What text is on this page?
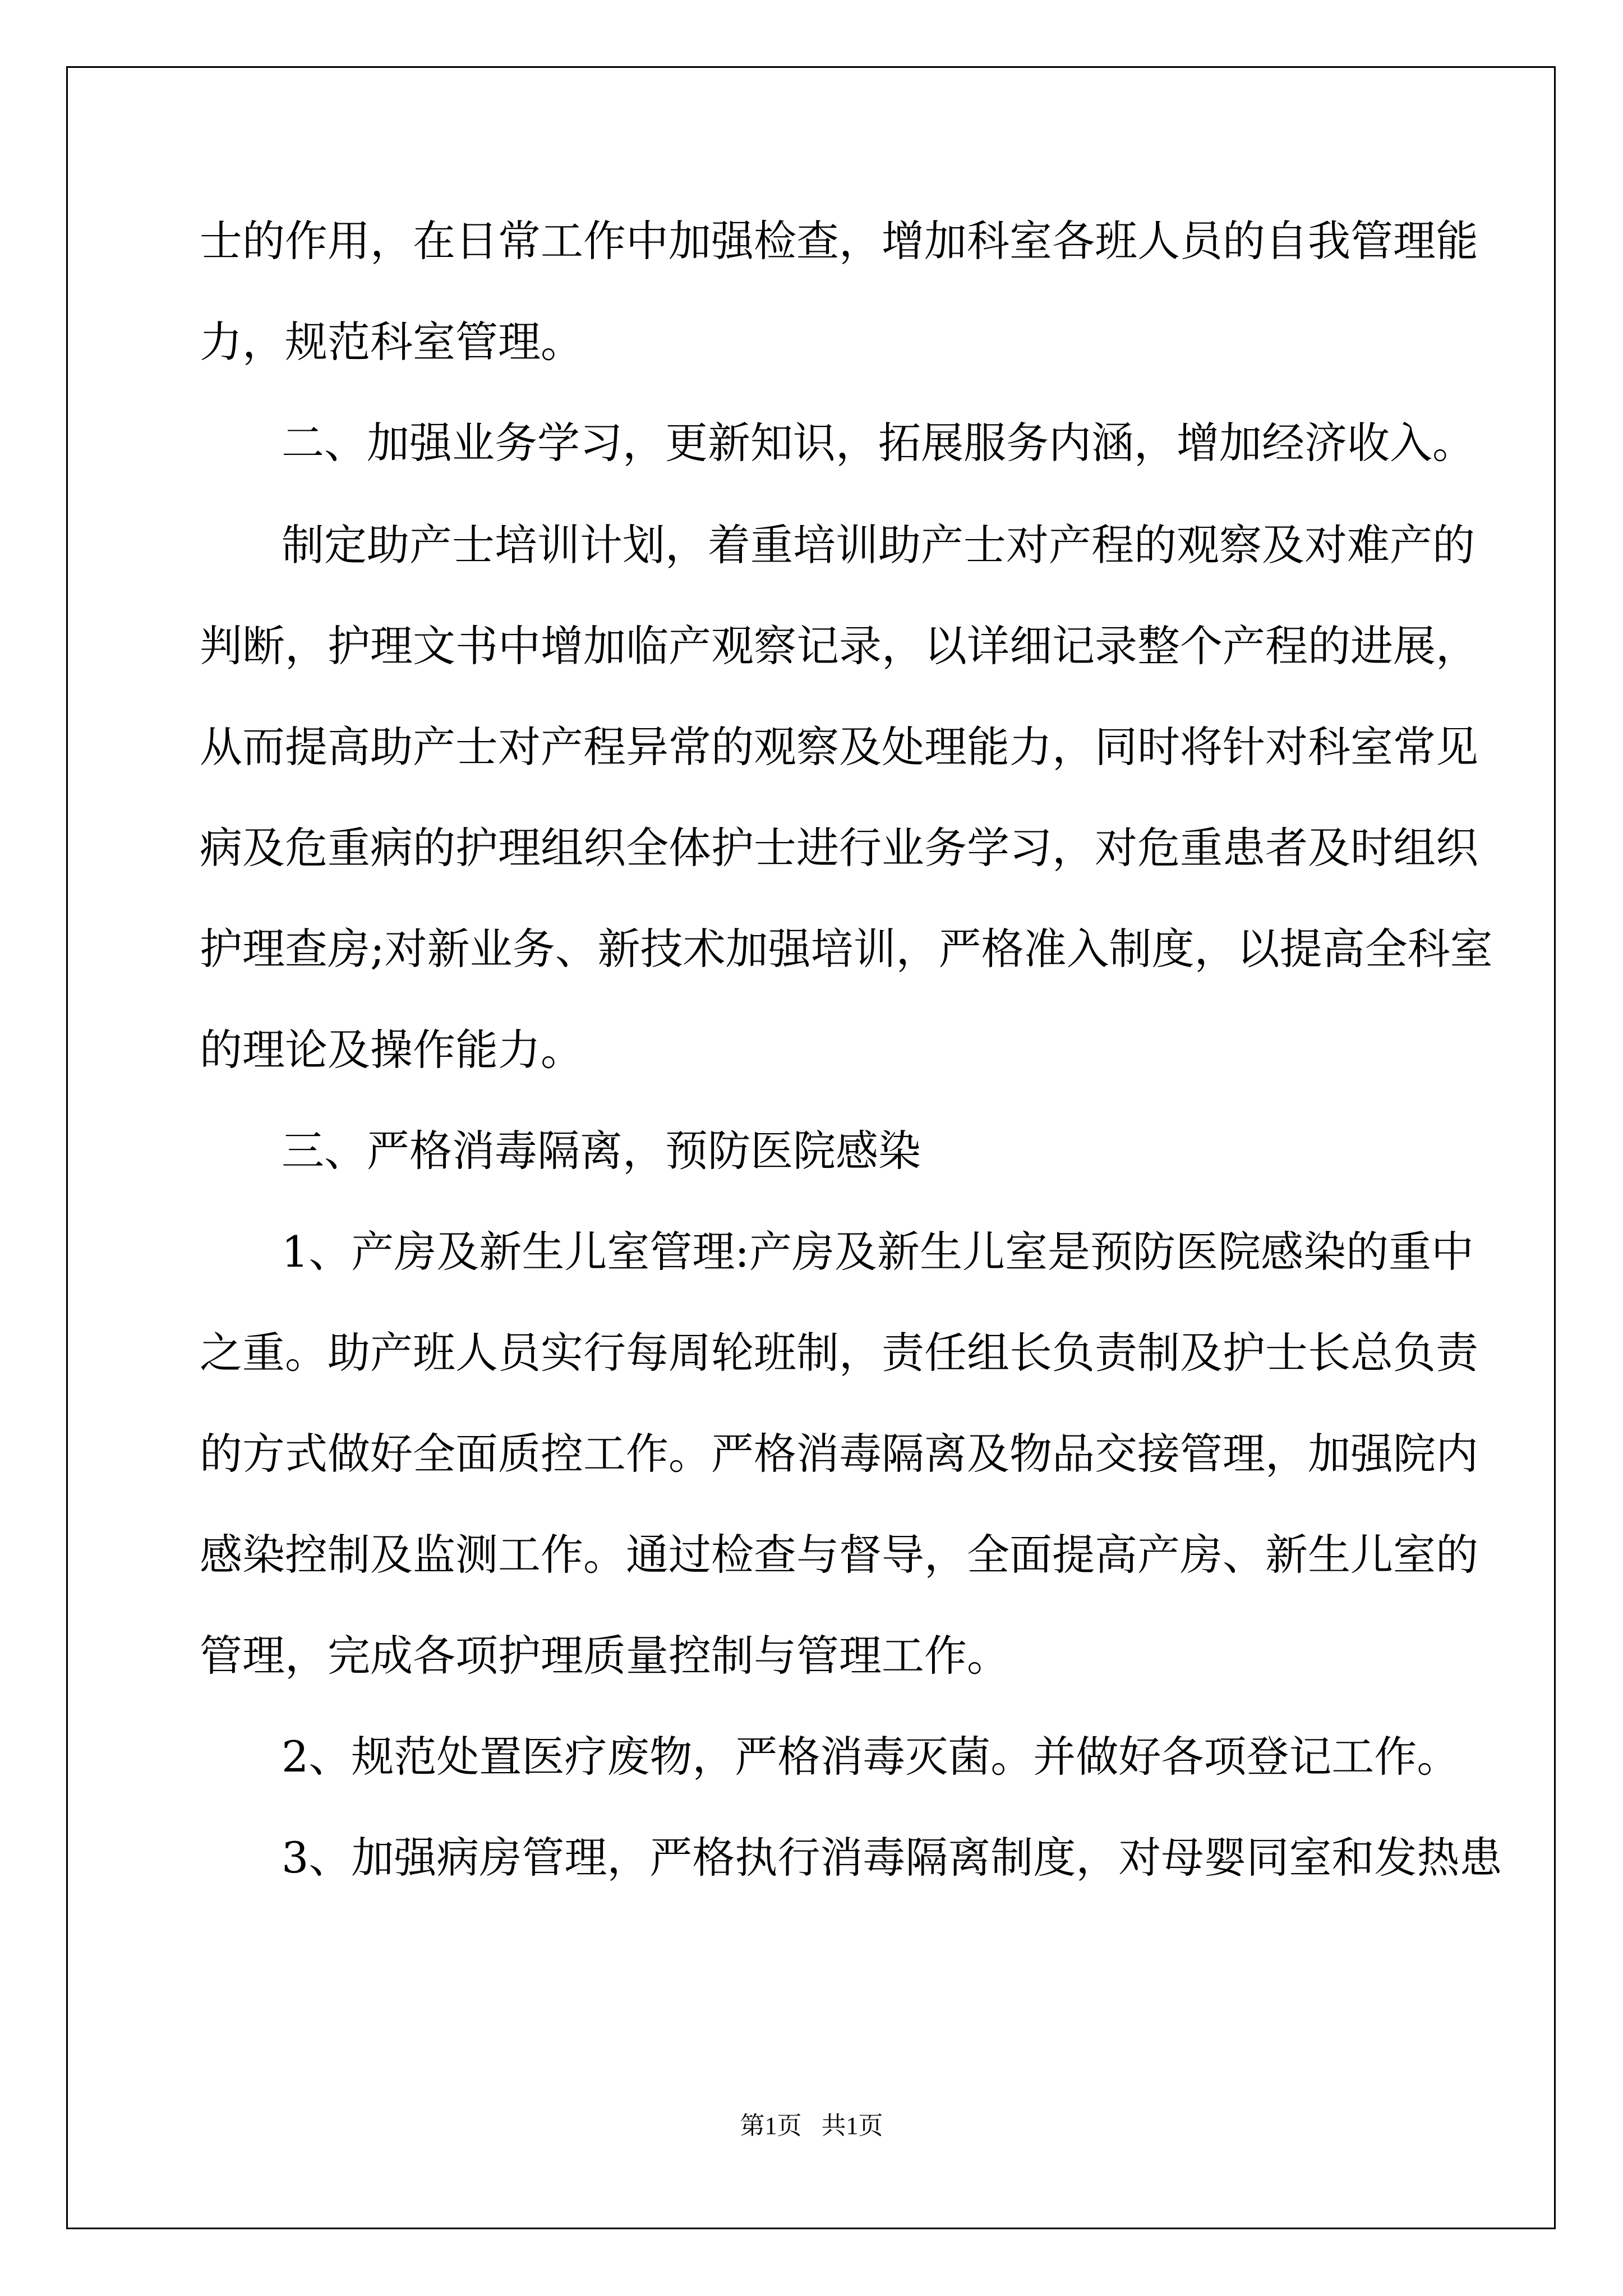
士的作用，在日常工作中加强检查，增加科室各班人员的自我管理能
力，规范科室管理。
二、加强业务学习，更新知识，拓展服务内涵，增加经济收入。
制定助产士培训计划，着重培训助产士对产程的观察及对难产的
判断，护理文书中增加临产观察记录，以详细记录整个产程的进展，
从而提高助产士对产程异常的观察及处理能力，同时将针对科室常见
病及危重病的护理组织全体护士进行业务学习，对危重患者及时组织
护理查房;对新业务、新技术加强培训，严格准入制度，以提高全科室
的理论及操作能力。
三、严格消毒隔离，预防医院感染
1、产房及新生儿室管理:产房及新生儿室是预防医院感染的重中
之重。助产班人员实行每周轮班制，责任组长负责制及护士长总负责
的方式做好全面质控工作。严格消毒隔离及物品交接管理，加强院内
感染控制及监测工作。通过检查与督导，全面提高产房、新生儿室的
管理，完成各项护理质量控制与管理工作。
2、规范处置医疗废物，严格消毒灭菌。并做好各项登记工作。
3、加强病房管理，严格执行消毒隔离制度，对母婴同室和发热患
第1页 共1页
